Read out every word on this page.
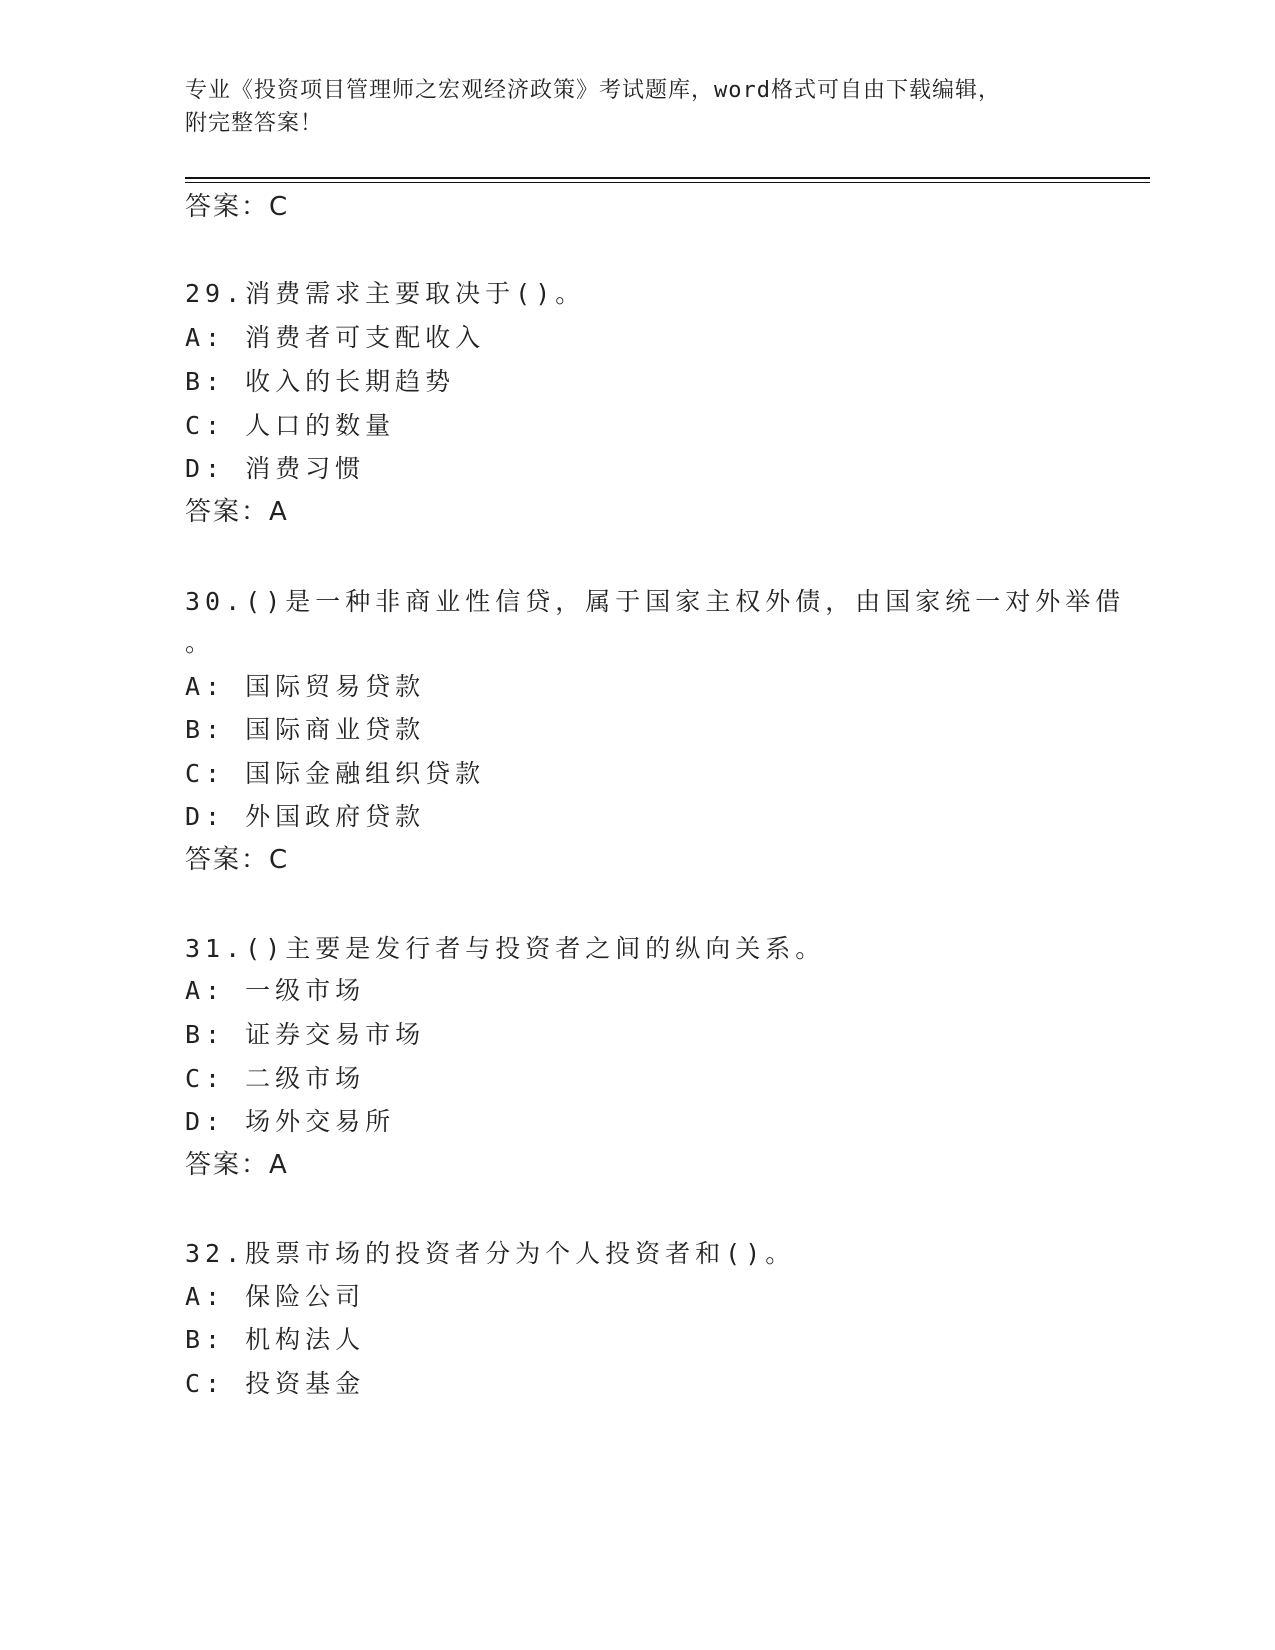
专业《投资项目管理师之宏观经济政策》考试题库，word格式可自由下载编辑，
附完整答案！
答案：C
29.消费需求主要取决于()。
A: 消费者可支配收入
B: 收入的长期趋势
C: 人口的数量
D: 消费习惯
答案：A
30.()是一种非商业性信贷，属于国家主权外债，由国家统一对外举借
。
A: 国际贸易贷款
B: 国际商业贷款
C: 国际金融组织贷款
D: 外国政府贷款
答案：C
31.()主要是发行者与投资者之间的纵向关系。
A: 一级市场
B: 证券交易市场
C: 二级市场
D: 场外交易所
答案：A
32.股票市场的投资者分为个人投资者和()。
A: 保险公司
B: 机构法人
C: 投资基金
